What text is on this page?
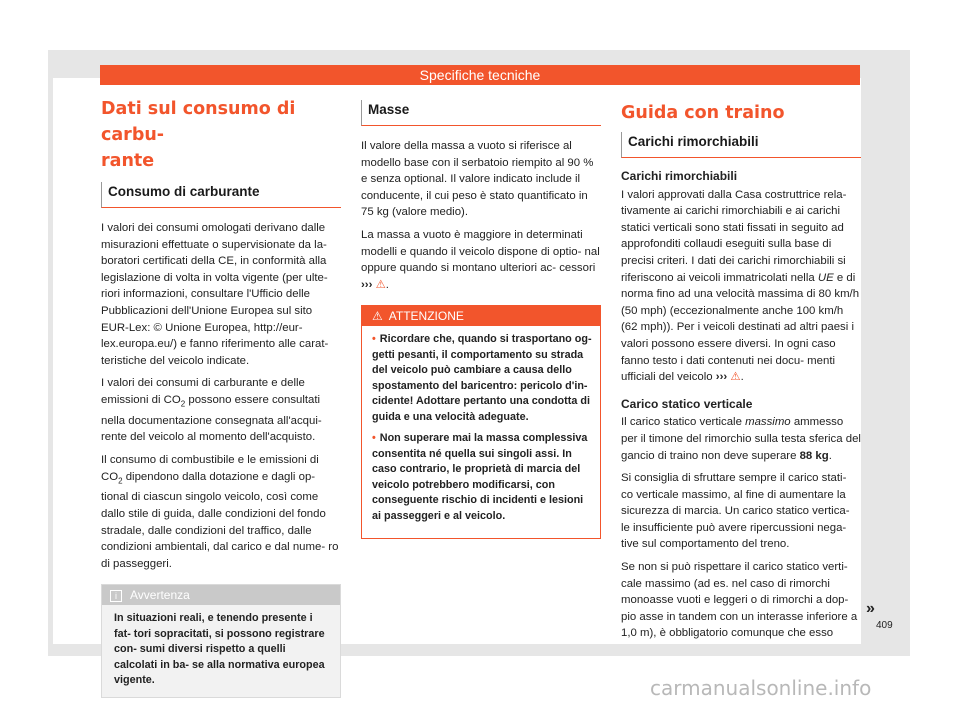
Specifiche tecniche
Dati sul consumo di carbu-
rante
Consumo di carburante

I valori dei consumi omologati derivano dalle misurazioni effettuate o supervisionate da la- boratori certificati della CE, in conformità alla legislazione di volta in volta vigente (per ulte- riori informazioni, consultare l'Ufficio delle Pubblicazioni dell'Unione Europea sul sito EUR-Lex: © Unione Europea, http://eur- lex.europa.eu/) e fanno riferimento alle carat- teristiche del veicolo indicate.

I valori dei consumi di carburante e delle emissioni di $CO_2$ possono essere consultati nella documentazione consegnata all'acqui- rente del veicolo al momento dell'acquisto.

Il consumo di combustibile e le emissioni di $CO_2$ dipendono dalla dotazione e dagli op- tional di ciascun singolo veicolo, così come dallo stile di guida, dalle condizioni del fondo stradale, dalle condizioni del traffico, dalle condizioni ambientali, dal carico e dal nume- ro di passeggeri.

i Avvertenza
In situazioni reali, e tenendo presente i fat- tori sopracitati, si possono registrare con- sumi diversi rispetto a quelli calcolati in ba- se alla normativa europea vigente.
Masse

Il valore della massa a vuoto si riferisce al modello base con il serbatoio riempito al 90 % e senza optional. Il valore indicato include il conducente, il cui peso è stato quantificato in 75 kg (valore medio).

La massa a vuoto è maggiore in determinati modelli e quando il veicolo dispone di optio- nal oppure quando si montano ulteriori ac- cessori ››› ⚠.

⚠ ATTENZIONE
• Ricordare che, quando si trasportano og- getti pesanti, il comportamento su strada del veicolo può cambiare a causa dello spostamento del baricentro: pericolo d'in- cidente! Adottare pertanto una condotta di guida e una velocità adeguate.
• Non superare mai la massa complessiva consentita né quella sui singoli assi. In caso contrario, le proprietà di marcia del veicolo potrebbero modificarsi, con conseguente rischio di incidenti e lesioni ai passeggeri e al veicolo.
Guida con traino
Carichi rimorchiabili
Carichi rimorchiabili

I valori approvati dalla Casa costruttrice rela- tivamente ai carichi rimorchiabili e ai carichi statici verticali sono stati fissati in seguito ad approfonditi collaudi eseguiti sulla base di precisi criteri. I dati dei carichi rimorchiabili si riferiscono ai veicoli immatricolati nella UE e di norma fino ad una velocità massima di 80 km/h (50 mph) (eccezionalmente anche 100 km/h (62 mph)). Per i veicoli destinati ad altri paesi i valori possono essere diversi. In ogni caso fanno testo i dati contenuti nei docu- menti ufficiali del veicolo ››› ⚠.

Carico statico verticale

Il carico statico verticale massimo ammesso per il timone del rimorchio sulla testa sferica del gancio di traino non deve superare 88 kg.

Si consiglia di sfruttare sempre il carico stati- co verticale massimo, al fine di aumentare la sicurezza di marcia. Un carico statico vertica- le insufficiente può avere ripercussioni nega- tive sul comportamento del treno.

Se non si può rispettare il carico statico verti- cale massimo (ad es. nel caso di rimorchi monoasse vuoti e leggeri o di rimorchi a dop- pio asse in tandem con un interasse inferiore a 1,0 m), è obbligatorio comunque che esso

»
409
carmanualsonline.info
